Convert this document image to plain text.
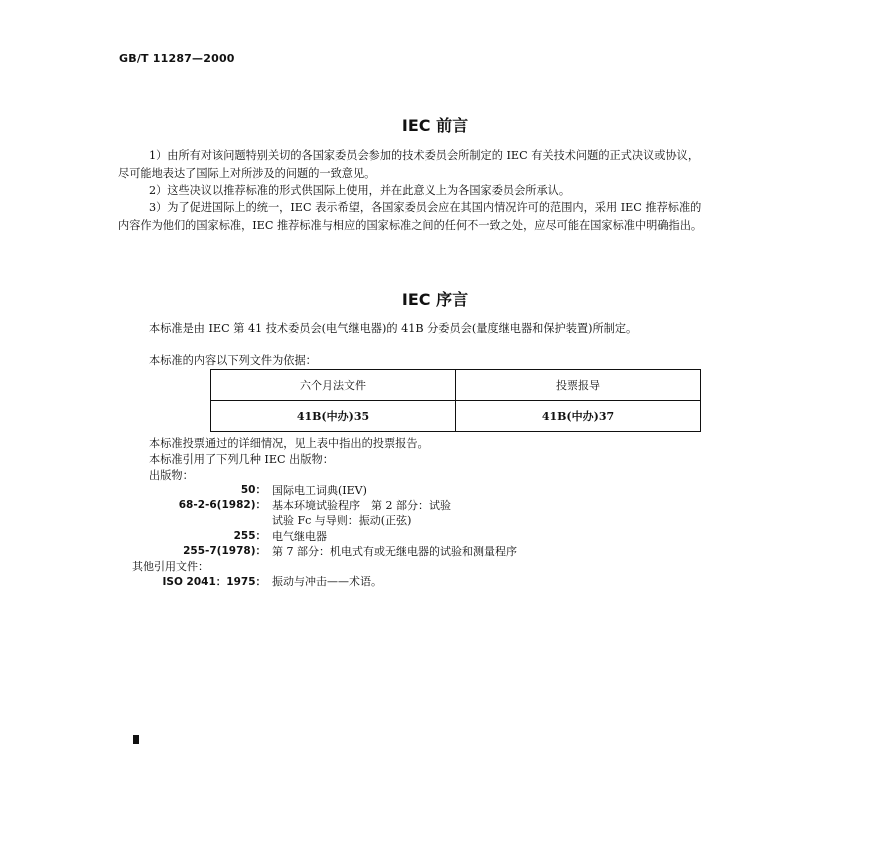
GB/T 11287—2000
IEC 前言
1）由所有对该问题特别关切的各国家委员会参加的技术委员会所制定的 IEC 有关技术问题的正式决议或协议，尽可能地表达了国际上对所涉及的问题的一致意见。
2）这些决议以推荐标准的形式供国际上使用，并在此意义上为各国家委员会所承认。
3）为了促进国际上的统一，IEC 表示希望，各国家委员会应在其国内情况许可的范围内，采用 IEC 推荐标准的内容作为他们的国家标准，IEC 推荐标准与相应的国家标准之间的任何不一致之处，应尽可能在国家标准中明确指出。
IEC 序言
本标准是由 IEC 第 41 技术委员会(电气继电器)的 41B 分委员会(量度继电器和保护装置)所制定。
本标准的内容以下列文件为依据：
六个月法文件	投票报导
41B(中办)35	41B(中办)37
本标准投票通过的详细情况，见上表中指出的投票报告。
本标准引用了下列几种 IEC 出版物：
出版物：
50： 国际电工词典(IEV)
68-2-6(1982)： 基本环境试验程序　第 2 部分：试验
试验 Fc 与导则：振动(正弦)
255： 电气继电器
255-7(1978)： 第 7 部分：机电式有或无继电器的试验和测量程序
其他引用文件：
ISO 2041：1975： 振动与冲击——术语。
